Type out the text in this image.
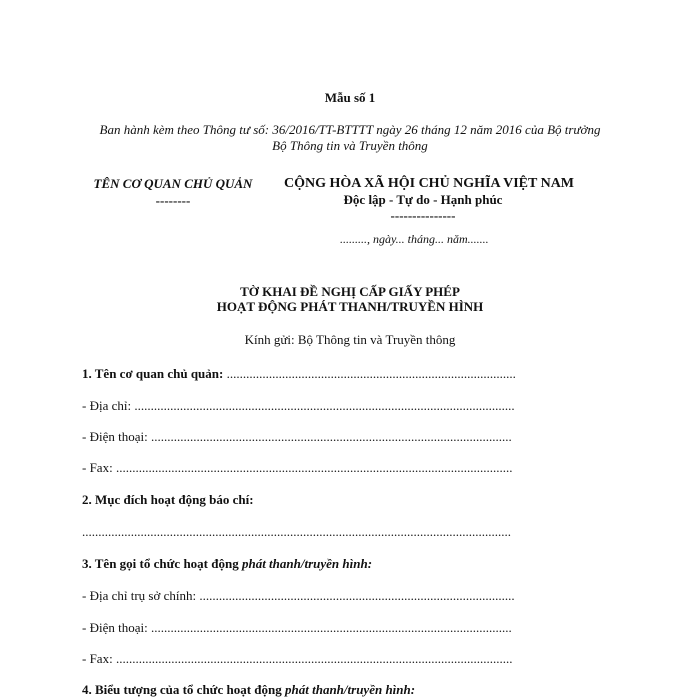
Mẫu số 1
Ban hành kèm theo Thông tư số: 36/2016/TT-BTTTT ngày 26 tháng 12 năm 2016 của Bộ trưởng
Bộ Thông tin và Truyền thông
TÊN CƠ QUAN CHỦ QUẢN
--------
CỘNG HÒA XÃ HỘI CHỦ NGHĨA VIỆT NAM
Độc lập - Tự do - Hạnh phúc
---------------
........., ngày... tháng... năm.......
TỜ KHAI ĐỀ NGHỊ CẤP GIẤY PHÉP
HOẠT ĐỘNG PHÁT THANH/TRUYỀN HÌNH
Kính gửi: Bộ Thông tin và Truyền thông
1. Tên cơ quan chủ quản: .........................................................................................
- Địa chỉ: .....................................................................................................................
- Điện thoại: ...............................................................................................................
- Fax: ..........................................................................................................................
2. Mục đích hoạt động báo chí:
....................................................................................................................................
3. Tên gọi tổ chức hoạt động phát thanh/truyền hình:
- Địa chỉ trụ sở chính: .................................................................................................
- Điện thoại: ...............................................................................................................
- Fax: ..........................................................................................................................
4. Biểu tượng của tổ chức hoạt động phát thanh/truyền hình:
